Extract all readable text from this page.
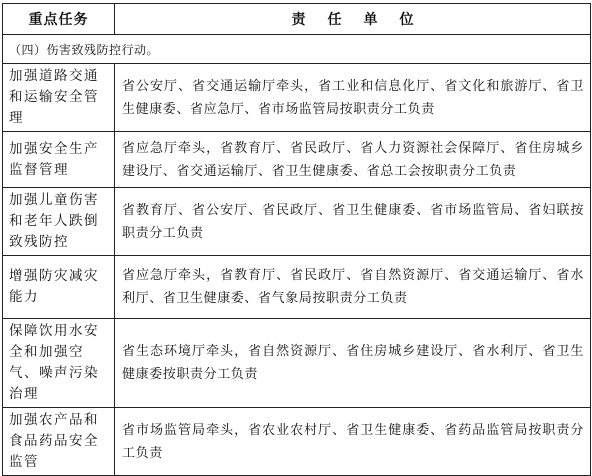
重点任务	责任单位
（四）伤害致残防控行动。	
加强道路交通和运输安全管理	省公安厅、省交通运输厅牵头，省工业和信息化厅、省文化和旅游厅、省卫生健康委、省应急厅、省市场监管局按职责分工负责
加强安全生产监督管理	省应急厅牵头，省教育厅、省民政厅、省人力资源社会保障厅、省住房城乡建设厅、省交通运输厅、省卫生健康委、省总工会按职责分工负责
加强儿童伤害和老年人跌倒致残防控	省教育厅、省公安厅、省民政厅、省卫生健康委、省市场监管局、省妇联按职责分工负责
增强防灾减灾能力	省应急厅牵头，省教育厅、省民政厅、省自然资源厅、省交通运输厅、省水利厅、省卫生健康委、省气象局按职责分工负责
保障饮用水安全和加强空气、噪声污染治理	省生态环境厅牵头，省自然资源厅、省住房城乡建设厅、省水利厅、省卫生健康委按职责分工负责
加强农产品和食品药品安全监管	省市场监管局牵头，省农业农村厅、省卫生健康委、省药品监管局按职责分工负责
